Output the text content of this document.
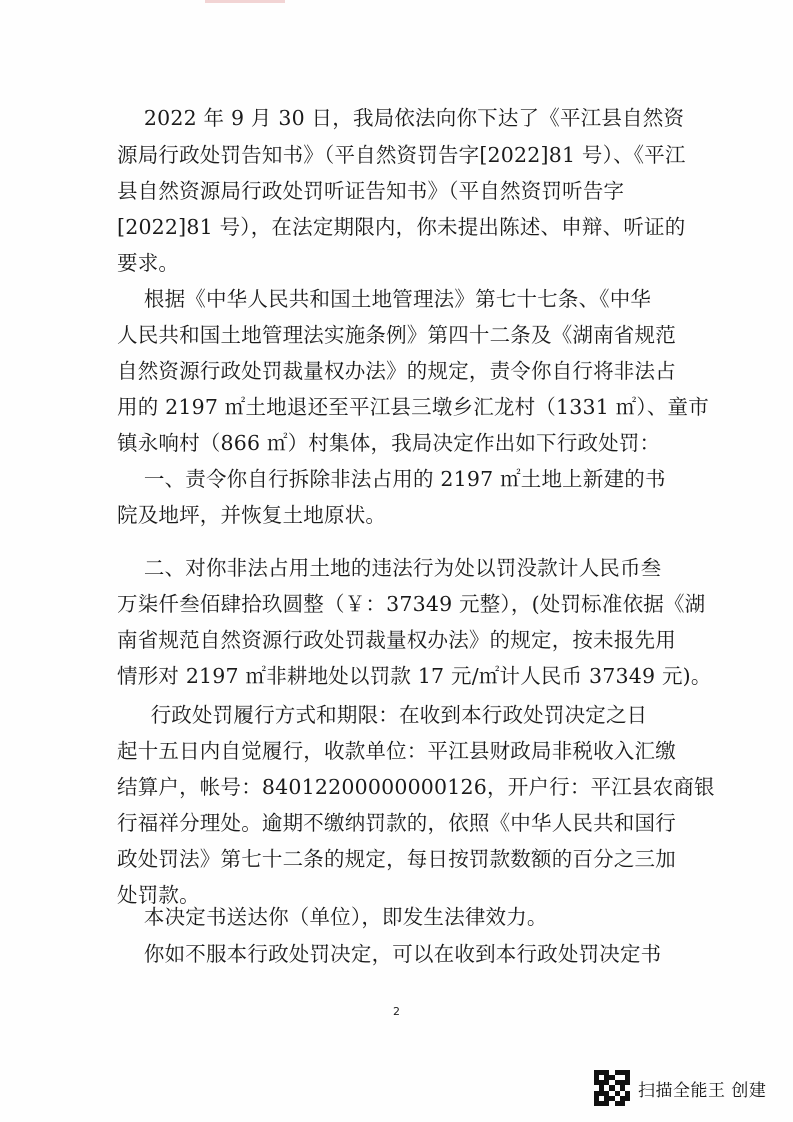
2022 年 9 月 30 日，我局依法向你下达了《平江县自然资
源局行政处罚告知书》（平自然资罚告字[2022]81 号）、《平江
县自然资源局行政处罚听证告知书》（平自然资罚听告字
[2022]81 号），在法定期限内，你未提出陈述、申辩、听证的
要求。
根据《中华人民共和国土地管理法》第七十七条、《中华
人民共和国土地管理法实施条例》第四十二条及《湖南省规范
自然资源行政处罚裁量权办法》的规定，责令你自行将非法占
用的 2197 ㎡土地退还至平江县三墩乡汇龙村（1331 ㎡）、童市
镇永响村（866 ㎡）村集体，我局决定作出如下行政处罚：
一、责令你自行拆除非法占用的 2197 ㎡土地上新建的书
院及地坪，并恢复土地原状。
二、对你非法占用土地的违法行为处以罚没款计人民币叁
万柒仟叁佰肆拾玖圆整（￥：37349 元整），(处罚标准依据《湖
南省规范自然资源行政处罚裁量权办法》的规定，按未报先用
情形对 2197 ㎡非耕地处以罚款 17 元/㎡计人民币 37349 元)。
行政处罚履行方式和期限：在收到本行政处罚决定之日
起十五日内自觉履行，收款单位：平江县财政局非税收入汇缴
结算户，帐号：84012200000000126，开户行：平江县农商银
行福祥分理处。逾期不缴纳罚款的，依照《中华人民共和国行
政处罚法》第七十二条的规定，每日按罚款数额的百分之三加
处罚款。
本决定书送达你（单位），即发生法律效力。
你如不服本行政处罚决定，可以在收到本行政处罚决定书
2
扫描全能王 创建
